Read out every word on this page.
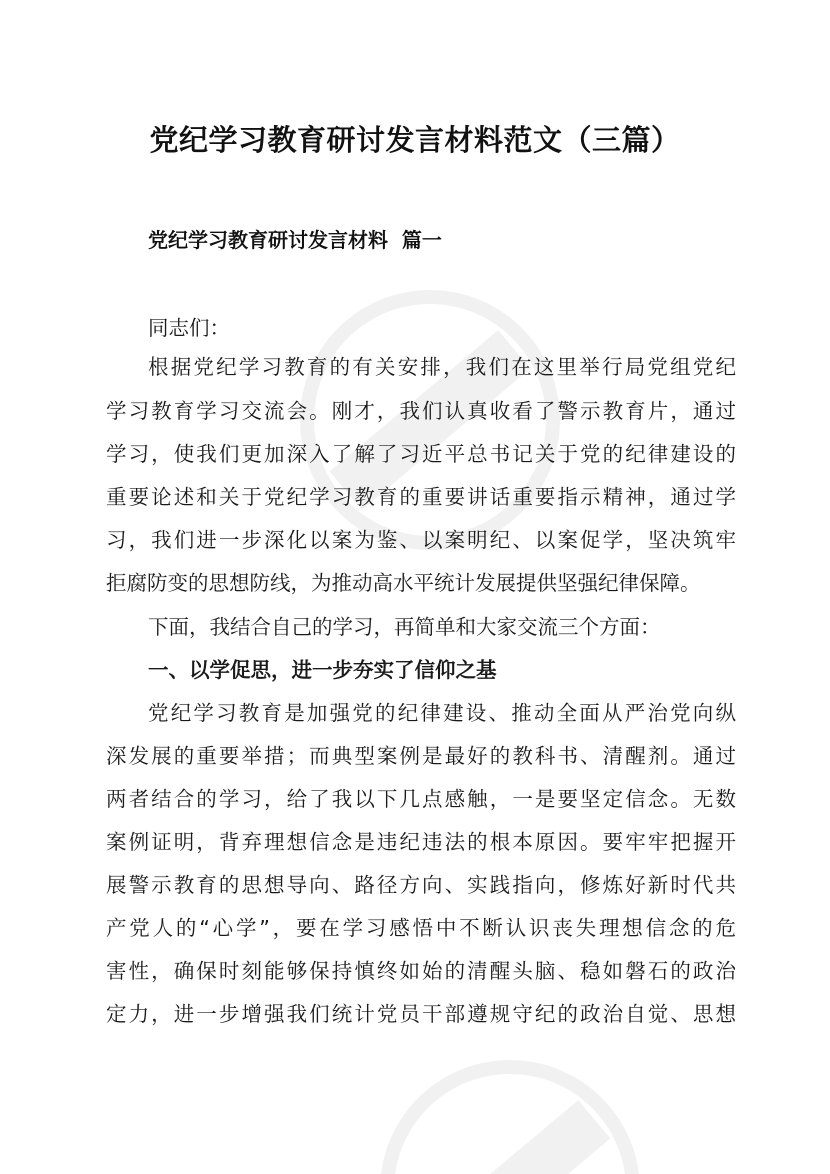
党纪学习教育研讨发言材料范文（三篇）
党纪学习教育研讨发言材料  篇一
同志们：
根据党纪学习教育的有关安排，我们在这里举行局党组党纪
学习教育学习交流会。刚才，我们认真收看了警示教育片，通过
学习，使我们更加深入了解了习近平总书记关于党的纪律建设的
重要论述和关于党纪学习教育的重要讲话重要指示精神，通过学
习，我们进一步深化以案为鉴、以案明纪、以案促学，坚决筑牢
拒腐防变的思想防线，为推动高水平统计发展提供坚强纪律保障。
下面，我结合自己的学习，再简单和大家交流三个方面：
一、以学促思，进一步夯实了信仰之基
党纪学习教育是加强党的纪律建设、推动全面从严治党向纵
深发展的重要举措；而典型案例是最好的教科书、清醒剂。通过
两者结合的学习，给了我以下几点感触，一是要坚定信念。无数
案例证明，背弃理想信念是违纪违法的根本原因。要牢牢把握开
展警示教育的思想导向、路径方向、实践指向，修炼好新时代共
产党人的“心学”，要在学习感悟中不断认识丧失理想信念的危
害性，确保时刻能够保持慎终如始的清醒头脑、稳如磐石的政治
定力，进一步增强我们统计党员干部遵规守纪的政治自觉、思想
